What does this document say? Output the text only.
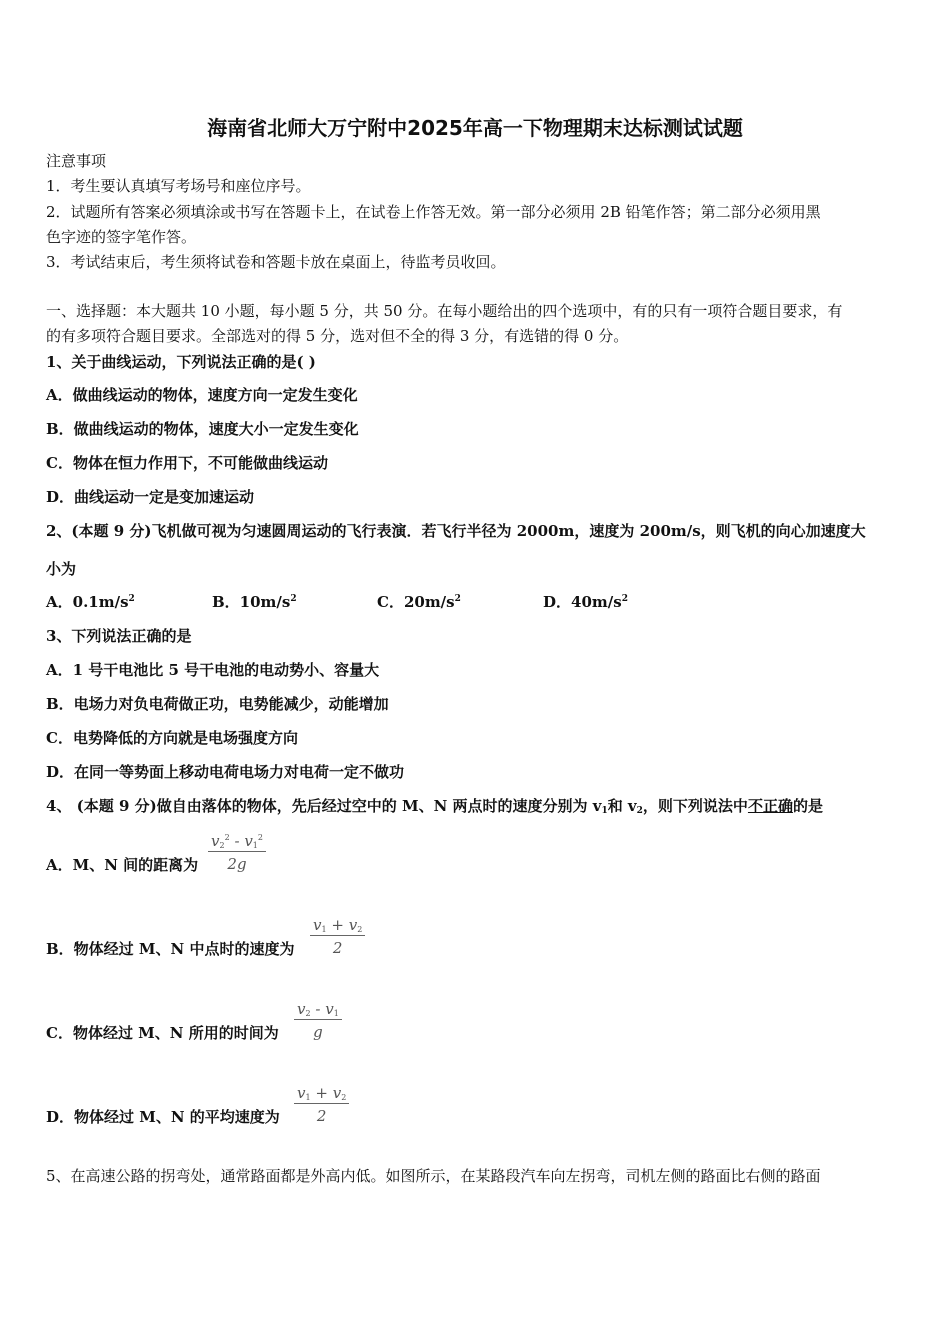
海南省北师大万宁附中2025年高一下物理期末达标测试试题
注意事项
1．考生要认真填写考场号和座位序号。
2．试题所有答案必须填涂或书写在答题卡上，在试卷上作答无效。第一部分必须用 2B 铅笔作答；第二部分必须用黑
色字迹的签字笔作答。
3．考试结束后，考生须将试卷和答题卡放在桌面上，待监考员收回。
一、选择题：本大题共 10 小题，每小题 5 分，共 50 分。在每小题给出的四个选项中，有的只有一项符合题目要求，有
的有多项符合题目要求。全部选对的得 5 分，选对但不全的得 3 分，有选错的得 0 分。
1、关于曲线运动，下列说法正确的是( )
A．做曲线运动的物体，速度方向一定发生变化
B．做曲线运动的物体，速度大小一定发生变化
C．物体在恒力作用下，不可能做曲线运动
D．曲线运动一定是变加速运动
2、(本题 9 分)飞机做可视为匀速圆周运动的飞行表演．若飞行半径为 2000m，速度为 200m/s，则飞机的向心加速度大
小为
A．$0.1m/s^2$	B．$10m/s^2$	C．$20m/s^2$	D．$40m/s^2$
3、下列说法正确的是
A．1 号干电池比 5 号干电池的电动势小、容量大
B．电场力对负电荷做正功，电势能减少，动能增加
C．电势降低的方向就是电场强度方向
D．在同一等势面上移动电荷电场力对电荷一定不做功
4、 (本题 9 分)做自由落体的物体，先后经过空中的 M、N 两点时的速度分别为 $v_1$和 $v_2$，则下列说法中不正确的是
A．M、N 间的距离为 $\frac{v_2^2 - v_1^2}{2g}$
B．物体经过 M、N 中点时的速度为 $\frac{v_1 + v_2}{2}$
C．物体经过 M、N 所用的时间为 $\frac{v_2 - v_1}{g}$
D．物体经过 M、N 的平均速度为 $\frac{v_1 + v_2}{2}$
5、在高速公路的拐弯处，通常路面都是外高内低。如图所示，在某路段汽车向左拐弯，司机左侧的路面比右侧的路面
